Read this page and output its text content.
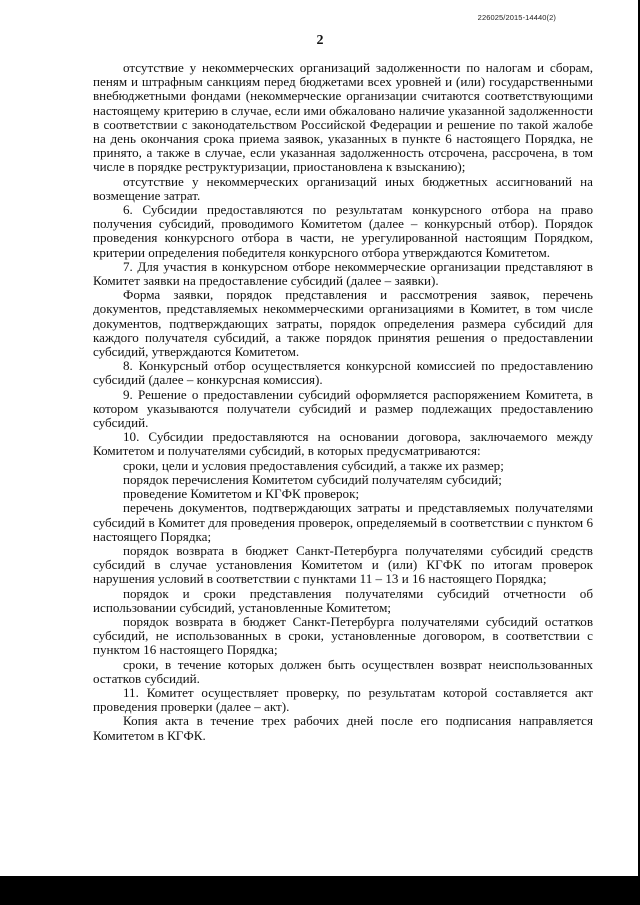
226025/2015-14440(2)
2

отсутствие у некоммерческих организаций задолженности по налогам и сборам, пеням и штрафным санкциям перед бюджетами всех уровней и (или) государственными внебюджетными фондами (некоммерческие организации считаются соответствующими настоящему критерию в случае, если ими обжаловано наличие указанной задолженности в соответствии с законодательством Российской Федерации и решение по такой жалобе на день окончания срока приема заявок, указанных в пункте 6 настоящего Порядка, не принято, а также в случае, если указанная задолженность отсрочена, рассрочена, в том числе в порядке реструктуризации, приостановлена к взысканию);

отсутствие у некоммерческих организаций иных бюджетных ассигнований на возмещение затрат.

6. Субсидии предоставляются по результатам конкурсного отбора на право получения субсидий, проводимого Комитетом (далее – конкурсный отбор). Порядок проведения конкурсного отбора в части, не урегулированной настоящим Порядком, критерии определения победителя конкурсного отбора утверждаются Комитетом.

7. Для участия в конкурсном отборе некоммерческие организации представляют в Комитет заявки на предоставление субсидий (далее – заявки).

Форма заявки, порядок представления и рассмотрения заявок, перечень документов, представляемых некоммерческими организациями в Комитет, в том числе документов, подтверждающих затраты, порядок определения размера субсидий для каждого получателя субсидий, а также порядок принятия решения о предоставлении субсидий, утверждаются Комитетом.

8. Конкурсный отбор осуществляется конкурсной комиссией по предоставлению субсидий (далее – конкурсная комиссия).

9. Решение о предоставлении субсидий оформляется распоряжением Комитета, в котором указываются получатели субсидий и размер подлежащих предоставлению субсидий.

10. Субсидии предоставляются на основании договора, заключаемого между Комитетом и получателями субсидий, в которых предусматриваются:

сроки, цели и условия предоставления субсидий, а также их размер;

порядок перечисления Комитетом субсидий получателям субсидий;

проведение Комитетом и КГФК проверок;

перечень документов, подтверждающих затраты и представляемых получателями субсидий в Комитет для проведения проверок, определяемый в соответствии с пунктом 6 настоящего Порядка;

порядок возврата в бюджет Санкт-Петербурга получателями субсидий средств субсидий в случае установления Комитетом и (или) КГФК по итогам проверок нарушения условий в соответствии с пунктами 11 – 13 и 16 настоящего Порядка;

порядок и сроки представления получателями субсидий отчетности об использовании субсидий, установленные Комитетом;

порядок возврата в бюджет Санкт-Петербурга получателями субсидий остатков субсидий, не использованных в сроки, установленные договором, в соответствии с пунктом 16 настоящего Порядка;

сроки, в течение которых должен быть осуществлен возврат неиспользованных остатков субсидий.

11. Комитет осуществляет проверку, по результатам которой составляется акт проведения проверки (далее – акт).

Копия акта в течение трех рабочих дней после его подписания направляется Комитетом в КГФК.
